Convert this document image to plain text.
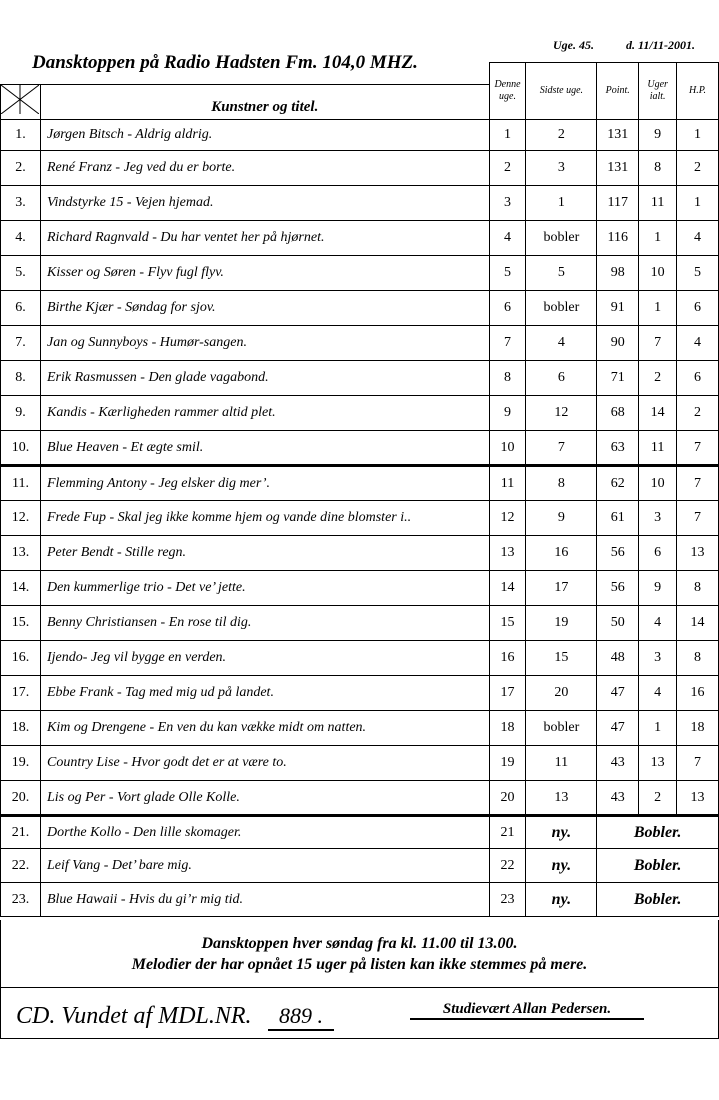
Uge. 45.	d. 11/11-2001.
Dansktoppen på Radio Hadsten Fm. 104,0 MHZ.
		Denne uge.	Sidste uge.	Point.	Uger ialt.	H.P.
	Kunstner og titel.					
1.	Jørgen Bitsch - Aldrig aldrig.	1	2	131	9	1
2.	René Franz - Jeg ved du er borte.	2	3	131	8	2
3.	Vindstyrke 15 - Vejen hjemad.	3	1	117	11	1
4.	Richard Ragnvald - Du har ventet her på hjørnet.	4	bobler	116	1	4
5.	Kisser og Søren - Flyv fugl flyv.	5	5	98	10	5
6.	Birthe Kjær - Søndag for sjov.	6	bobler	91	1	6
7.	Jan og Sunnyboys - Humør-sangen.	7	4	90	7	4
8.	Erik Rasmussen - Den glade vagabond.	8	6	71	2	6
9.	Kandis - Kærligheden rammer altid plet.	9	12	68	14	2
10.	Blue Heaven - Et ægte smil.	10	7	63	11	7
11.	Flemming Antony - Jeg elsker dig mer’.	11	8	62	10	7
12.	Frede Fup - Skal jeg ikke komme hjem og vande dine blomster i..	12	9	61	3	7
13.	Peter Bendt - Stille regn.	13	16	56	6	13
14.	Den kummerlige trio - Det ve’ jette.	14	17	56	9	8
15.	Benny Christiansen - En rose til dig.	15	19	50	4	14
16.	Ijendo- Jeg vil bygge en verden.	16	15	48	3	8
17.	Ebbe Frank - Tag med mig ud på landet.	17	20	47	4	16
18.	Kim og Drengene - En ven du kan vække midt om natten.	18	bobler	47	1	18
19.	Country Lise - Hvor godt det er at være to.	19	11	43	13	7
20.	Lis og Per - Vort glade Olle Kolle.	20	13	43	2	13
21.	Dorthe Kollo - Den lille skomager.	21	ny.	Bobler.		
22.	Leif Vang - Det’ bare mig.	22	ny.	Bobler.		
23.	Blue Hawaii - Hvis du gi’r mig tid.	23	ny.	Bobler.		
Dansktoppen hver søndag fra kl. 11.00 til 13.00.
Melodier der har opnået 15 uger på listen kan ikke stemmes på mere.
CD. Vundet af MDL.NR.	889 .	Studievært Allan Pedersen.
